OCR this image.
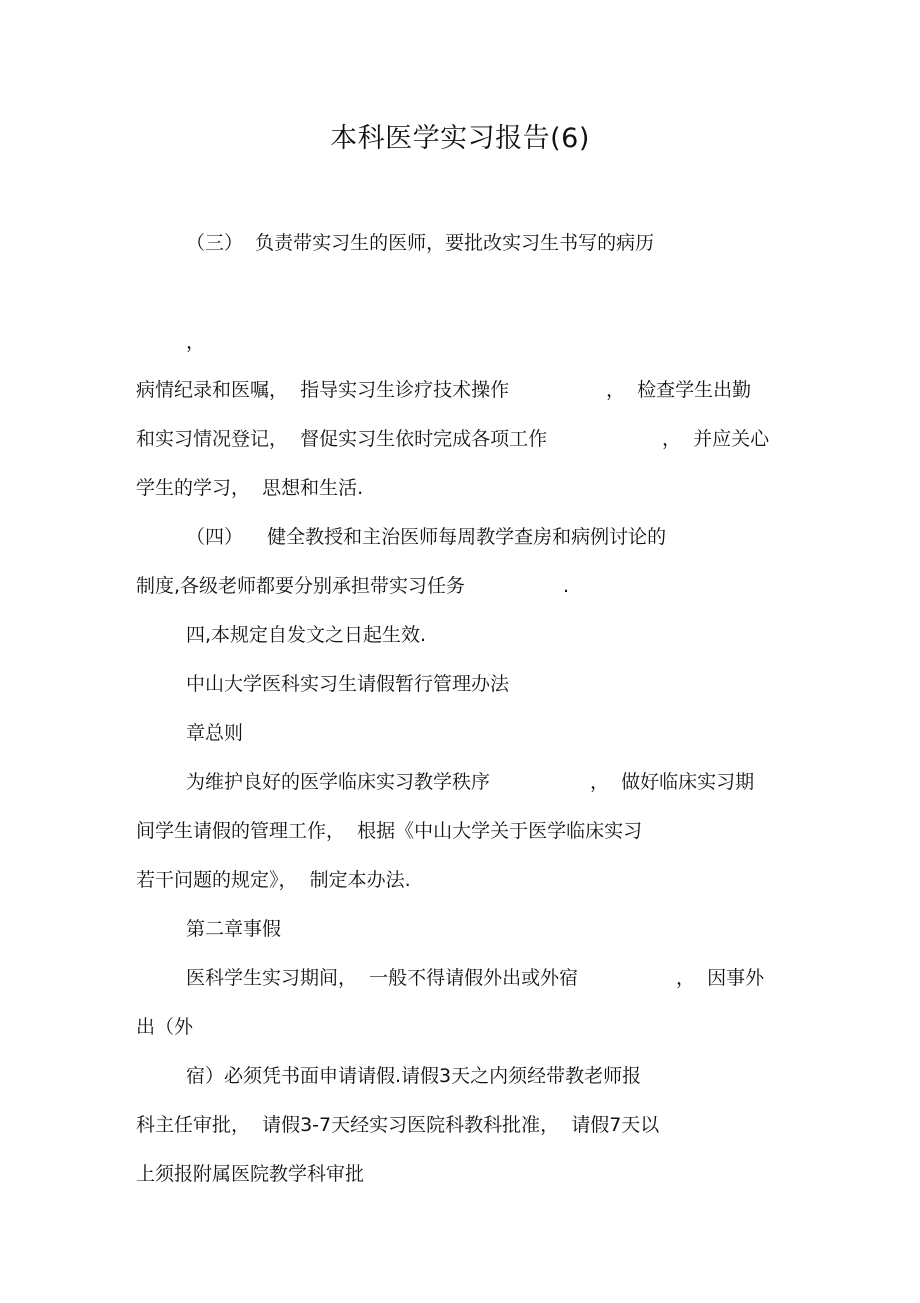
本科医学实习报告(6)
（三）  负责带实习生的医师，要批改实习生书写的病历
，
病情纪录和医嘱，  指导实习生诊疗技术操作	，  检查学生出勤
和实习情况登记，  督促实习生依时完成各项工作	，  并应关心
学生的学习，  思想和生活.
（四）    健全教授和主治医师每周教学查房和病例讨论的
制度,各级老师都要分别承担带实习任务	.
四,本规定自发文之日起生效.
中山大学医科实习生请假暂行管理办法
章总则
为维护良好的医学临床实习教学秩序	，  做好临床实习期
间学生请假的管理工作，  根据《中山大学关于医学临床实习
若干问题的规定》，  制定本办法.
第二章事假
医科学生实习期间，  一般不得请假外出或外宿	，  因事外
出（外
宿）必须凭书面申请请假.请假3天之内须经带教老师报
科主任审批，  请假3-7天经实习医院科教科批准，  请假7天以
上须报附属医院教学科审批
